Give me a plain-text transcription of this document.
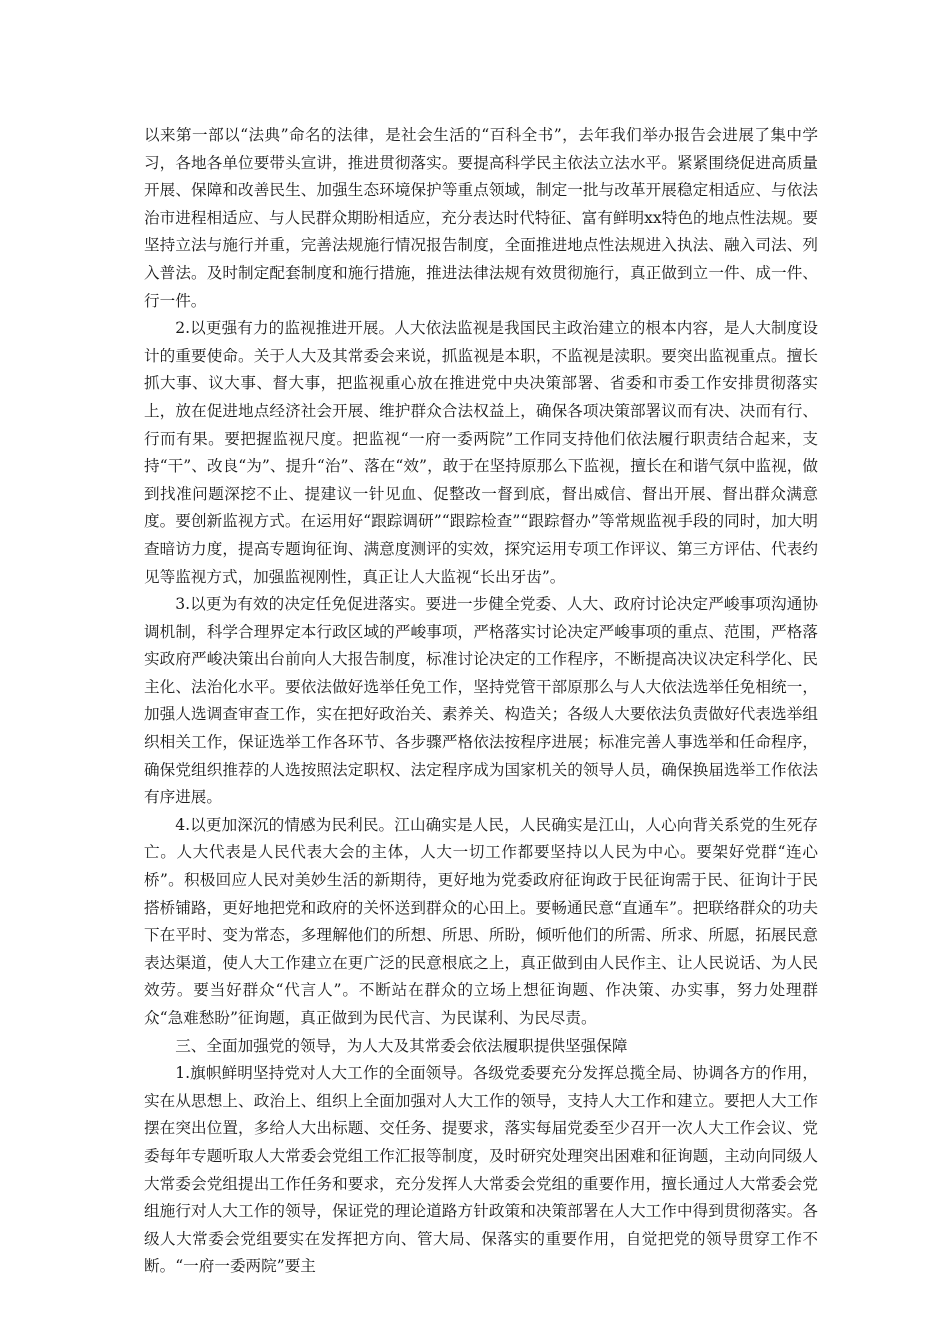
以来第一部以“法典”命名的法律，是社会生活的“百科全书”，去年我们举办报告会进展了集中学习，各地各单位要带头宣讲，推进贯彻落实。要提高科学民主依法立法水平。紧紧围绕促进高质量开展、保障和改善民生、加强生态环境保护等重点领域，制定一批与改革开展稳定相适应、与依法治市进程相适应、与人民群众期盼相适应，充分表达时代特征、富有鲜明xx特色的地点性法规。要坚持立法与施行并重，完善法规施行情况报告制度，全面推进地点性法规进入执法、融入司法、列入普法。及时制定配套制度和施行措施，推进法律法规有效贯彻施行，真正做到立一件、成一件、行一件。

2.以更强有力的监视推进开展。人大依法监视是我国民主政治建立的根本内容，是人大制度设计的重要使命。关于人大及其常委会来说，抓监视是本职，不监视是渎职。要突出监视重点。擅长抓大事、议大事、督大事，把监视重心放在推进党中央决策部署、省委和市委工作安排贯彻落实上，放在促进地点经济社会开展、维护群众合法权益上，确保各项决策部署议而有决、决而有行、行而有果。要把握监视尺度。把监视“一府一委两院”工作同支持他们依法履行职责结合起来，支持“干”、改良“为”、提升“治”、落在“效”，敢于在坚持原那么下监视，擅长在和谐气氛中监视，做到找准问题深挖不止、提建议一针见血、促整改一督到底，督出威信、督出开展、督出群众满意度。要创新监视方式。在运用好“跟踪调研”“跟踪检查”“跟踪督办”等常规监视手段的同时，加大明查暗访力度，提高专题询征询、满意度测评的实效，探究运用专项工作评议、第三方评估、代表约见等监视方式，加强监视刚性，真正让人大监视“长出牙齿”。

3.以更为有效的决定任免促进落实。要进一步健全党委、人大、政府讨论决定严峻事项沟通协调机制，科学合理界定本行政区域的严峻事项，严格落实讨论决定严峻事项的重点、范围，严格落实政府严峻决策出台前向人大报告制度，标准讨论决定的工作程序，不断提高决议决定科学化、民主化、法治化水平。要依法做好选举任免工作，坚持党管干部原那么与人大依法选举任免相统一，加强人选调查审查工作，实在把好政治关、素养关、构造关；各级人大要依法负责做好代表选举组织相关工作，保证选举工作各环节、各步骤严格依法按程序进展；标准完善人事选举和任命程序，确保党组织推荐的人选按照法定职权、法定程序成为国家机关的领导人员，确保换届选举工作依法有序进展。

4.以更加深沉的情感为民利民。江山确实是人民，人民确实是江山，人心向背关系党的生死存亡。人大代表是人民代表大会的主体，人大一切工作都要坚持以人民为中心。要架好党群“连心桥”。积极回应人民对美妙生活的新期待，更好地为党委政府征询政于民征询需于民、征询计于民搭桥铺路，更好地把党和政府的关怀送到群众的心田上。要畅通民意“直通车”。把联络群众的功夫下在平时、变为常态，多理解他们的所想、所思、所盼，倾听他们的所需、所求、所愿，拓展民意表达渠道，使人大工作建立在更广泛的民意根底之上，真正做到由人民作主、让人民说话、为人民效劳。要当好群众“代言人”。不断站在群众的立场上想征询题、作决策、办实事，努力处理群众“急难愁盼”征询题，真正做到为民代言、为民谋利、为民尽责。

三、全面加强党的领导，为人大及其常委会依法履职提供坚强保障

1.旗帜鲜明坚持党对人大工作的全面领导。各级党委要充分发挥总揽全局、协调各方的作用，实在从思想上、政治上、组织上全面加强对人大工作的领导，支持人大工作和建立。要把人大工作摆在突出位置，多给人大出标题、交任务、提要求，落实每届党委至少召开一次人大工作会议、党委每年专题听取人大常委会党组工作汇报等制度，及时研究处理突出困难和征询题，主动向同级人大常委会党组提出工作任务和要求，充分发挥人大常委会党组的重要作用，擅长通过人大常委会党组施行对人大工作的领导，保证党的理论道路方针政策和决策部署在人大工作中得到贯彻落实。各级人大常委会党组要实在发挥把方向、管大局、保落实的重要作用，自觉把党的领导贯穿工作不断。“一府一委两院”要主
